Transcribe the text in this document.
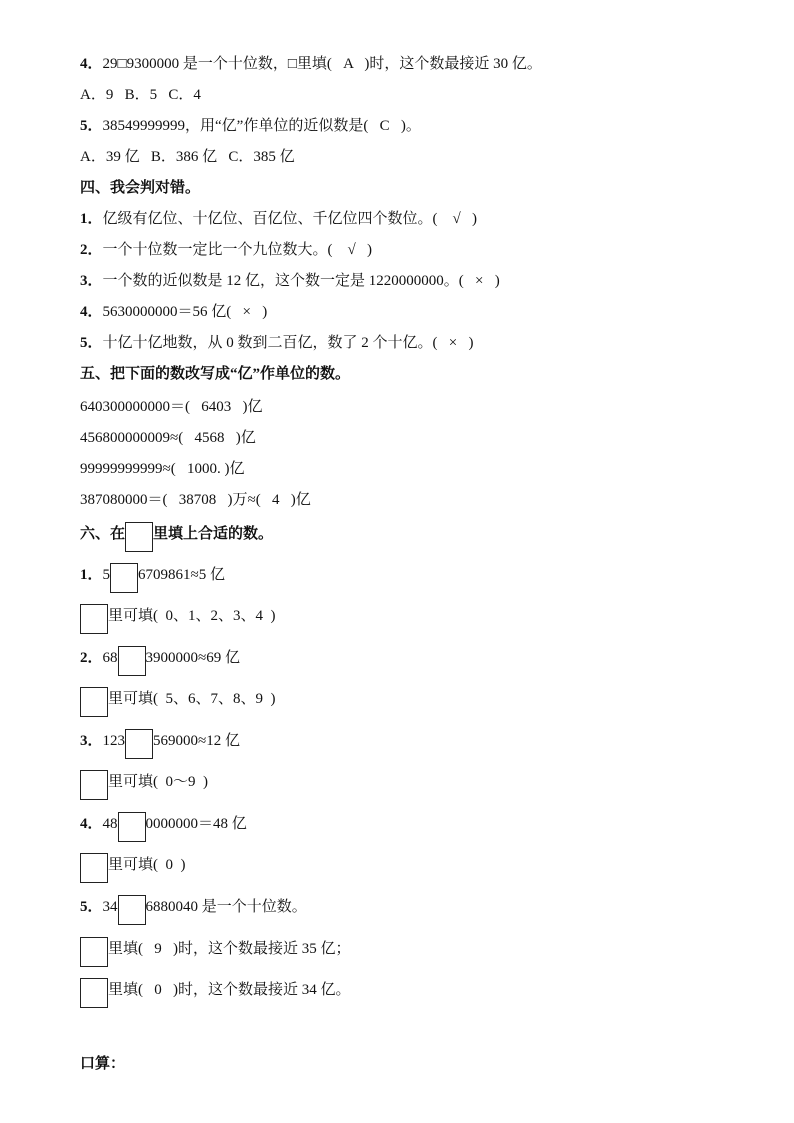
4．29□9300000 是一个十位数，□里填( A )时，这个数最接近 30 亿。
A．9   B．5   C．4
5．38549999999，用“亿”作单位的近似数是( C )。
A．39 亿   B．386 亿   C．385 亿
四、我会判对错。
1．亿级有亿位、十亿位、百亿位、千亿位四个数位。( √ )
2．一个十位数一定比一个九位数大。( √ )
3．一个数的近似数是 12 亿，这个数一定是 1220000000。( × )
4．5630000000＝56 亿( × )
5．十亿十亿地数，从 0 数到二百亿，数了 2 个十亿。( × )
五、把下面的数改写成“亿”作单位的数。
640300000000＝( 6403 )亿
456800000009≈( 4568 )亿
99999999999≈( 1000. )亿
387080000＝( 38708 )万≈( 4 )亿
六、在 里填上合适的数。
1．5 6709861≈5 亿
里可填( 0、1、2、3、4 )
2．68 3900000≈69 亿
里可填( 5、6、7、8、9 )
3．123 569000≈12 亿
里可填( 0～9 )
4．48 0000000＝48 亿
里可填( 0 )
5．34 6880040 是一个十位数。
里填( 9 )时，这个数最接近 35 亿；
里填( 0 )时，这个数最接近 34 亿。
口算：
